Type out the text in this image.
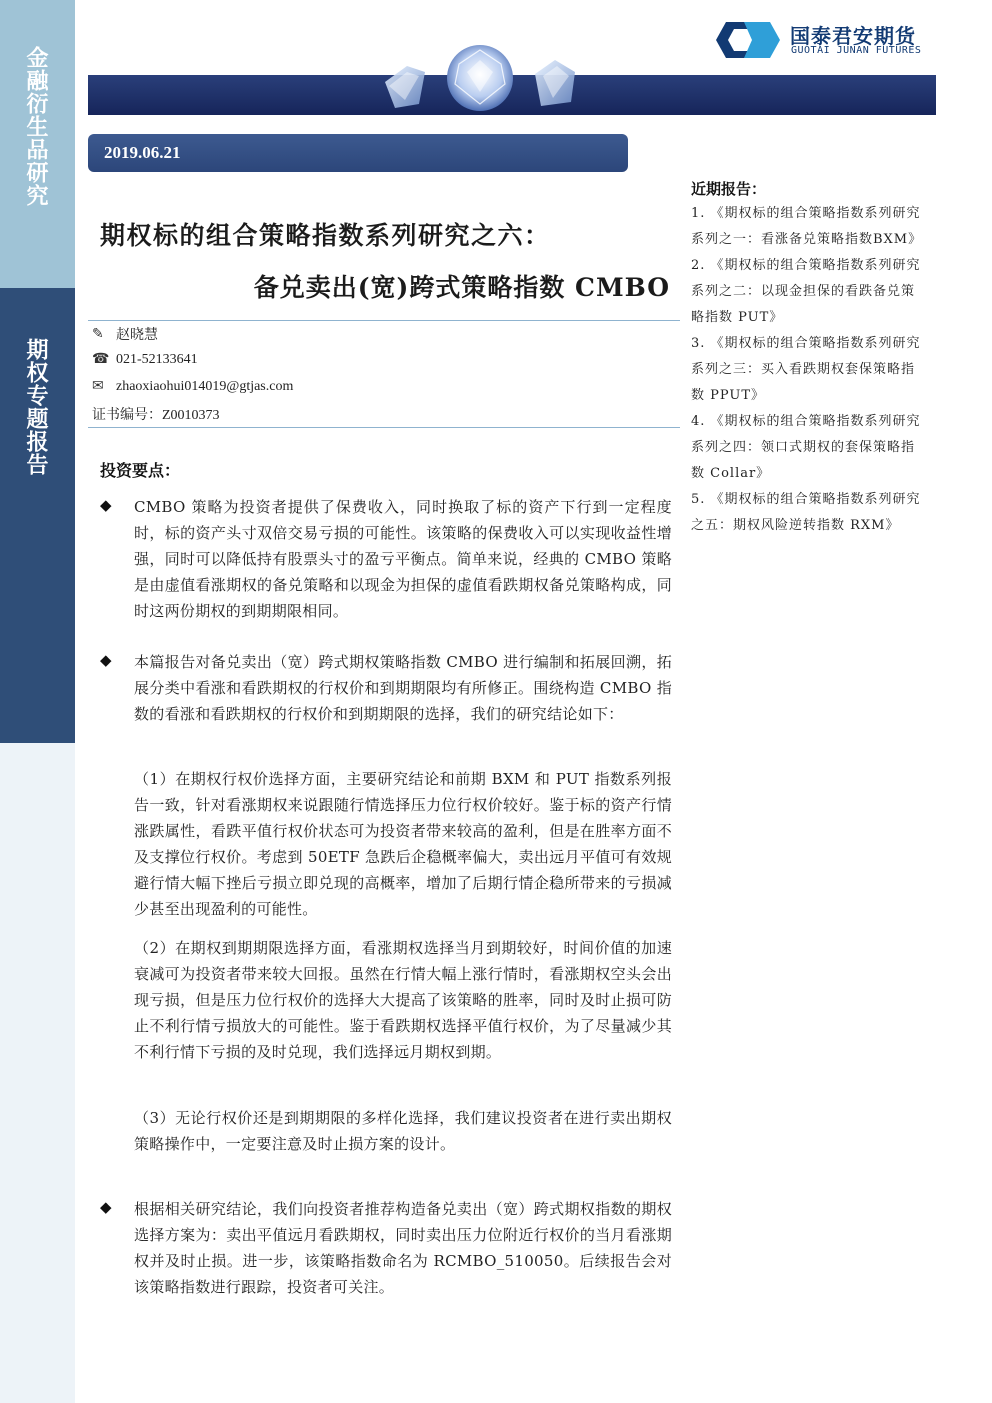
金融衍生品研究
期权专题报告
国泰君安期货
GUOTAI JUNAN FUTURES
2019.06.21
期权标的组合策略指数系列研究之六：
备兑卖出(宽)跨式策略指数 CMBO
✎ 赵晓慧
☎ 021-52133641
✉ zhaoxiaohui014019@gtjas.com
证书编号：Z0010373
近期报告：
1. 《期权标的组合策略指数系列研究系列之一：看涨备兑策略指数BXM》
2. 《期权标的组合策略指数系列研究系列之二：以现金担保的看跌备兑策略指数 PUT》
3. 《期权标的组合策略指数系列研究系列之三：买入看跌期权套保策略指数 PPUT》
4. 《期权标的组合策略指数系列研究系列之四：领口式期权的套保策略指数 Collar》
5. 《期权标的组合策略指数系列研究之五：期权风险逆转指数 RXM》
投资要点：
◆ CMBO 策略为投资者提供了保费收入，同时换取了标的资产下行到一定程度时，标的资产头寸双倍交易亏损的可能性。该策略的保费收入可以实现收益性增强，同时可以降低持有股票头寸的盈亏平衡点。简单来说，经典的 CMBO 策略是由虚值看涨期权的备兑策略和以现金为担保的虚值看跌期权备兑策略构成，同时这两份期权的到期期限相同。

◆ 本篇报告对备兑卖出（宽）跨式期权策略指数 CMBO 进行编制和拓展回溯，拓展分类中看涨和看跌期权的行权价和到期期限均有所修正。围绕构造 CMBO 指数的看涨和看跌期权的行权价和到期期限的选择，我们的研究结论如下：

（1）在期权行权价选择方面，主要研究结论和前期 BXM 和 PUT 指数系列报告一致，针对看涨期权来说跟随行情选择压力位行权价较好。鉴于标的资产行情涨跌属性，看跌平值行权价状态可为投资者带来较高的盈利，但是在胜率方面不及支撑位行权价。考虑到 50ETF 急跌后企稳概率偏大，卖出远月平值可有效规避行情大幅下挫后亏损立即兑现的高概率，增加了后期行情企稳所带来的亏损减少甚至出现盈利的可能性。

（2）在期权到期期限选择方面，看涨期权选择当月到期较好，时间价值的加速衰减可为投资者带来较大回报。虽然在行情大幅上涨行情时，看涨期权空头会出现亏损，但是压力位行权价的选择大大提高了该策略的胜率，同时及时止损可防止不利行情亏损放大的可能性。鉴于看跌期权选择平值行权价，为了尽量减少其不利行情下亏损的及时兑现，我们选择远月期权到期。

（3）无论行权价还是到期期限的多样化选择，我们建议投资者在进行卖出期权策略操作中，一定要注意及时止损方案的设计。

◆ 根据相关研究结论，我们向投资者推荐构造备兑卖出（宽）跨式期权指数的期权选择方案为：卖出平值远月看跌期权，同时卖出压力位附近行权价的当月看涨期权并及时止损。进一步，该策略指数命名为 RCMBO_510050。后续报告会对该策略指数进行跟踪，投资者可关注。
